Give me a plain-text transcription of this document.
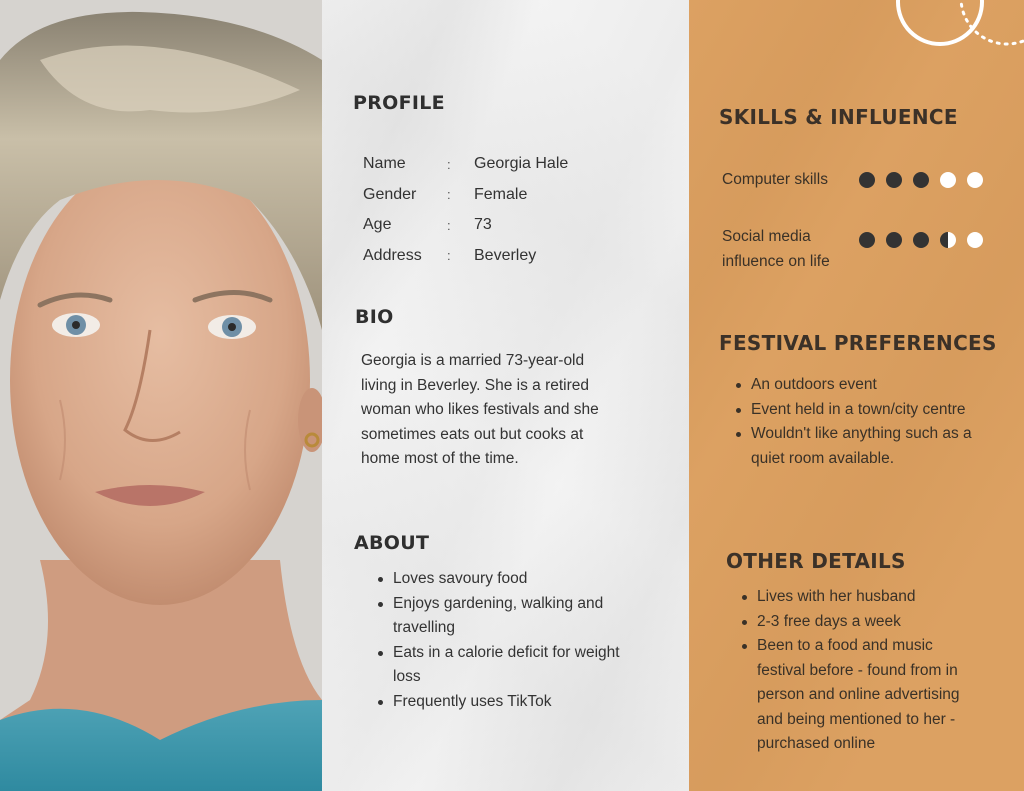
PROFILE
Name	:	Georgia Hale
Gender	:	Female
Age	:	73
Address	:	Beverley
BIO

Georgia is a married 73-year-old living in Beverley. She is a retired woman who likes festivals and she sometimes eats out but cooks at home most of the time.

ABOUT
Loves savoury food
Enjoys gardening, walking and travelling
Eats in a calorie deficit for weight loss
Frequently uses TikTok
SKILLS & INFLUENCE
Computer skills
Social media influence on life
FESTIVAL PREFERENCES
An outdoors event
Event held in a town/city centre
Wouldn't like anything such as a quiet room available.
OTHER DETAILS
Lives with her husband
2-3 free days a week
Been to a food and music festival before - found from in person and online advertising and being mentioned to her - purchased online
